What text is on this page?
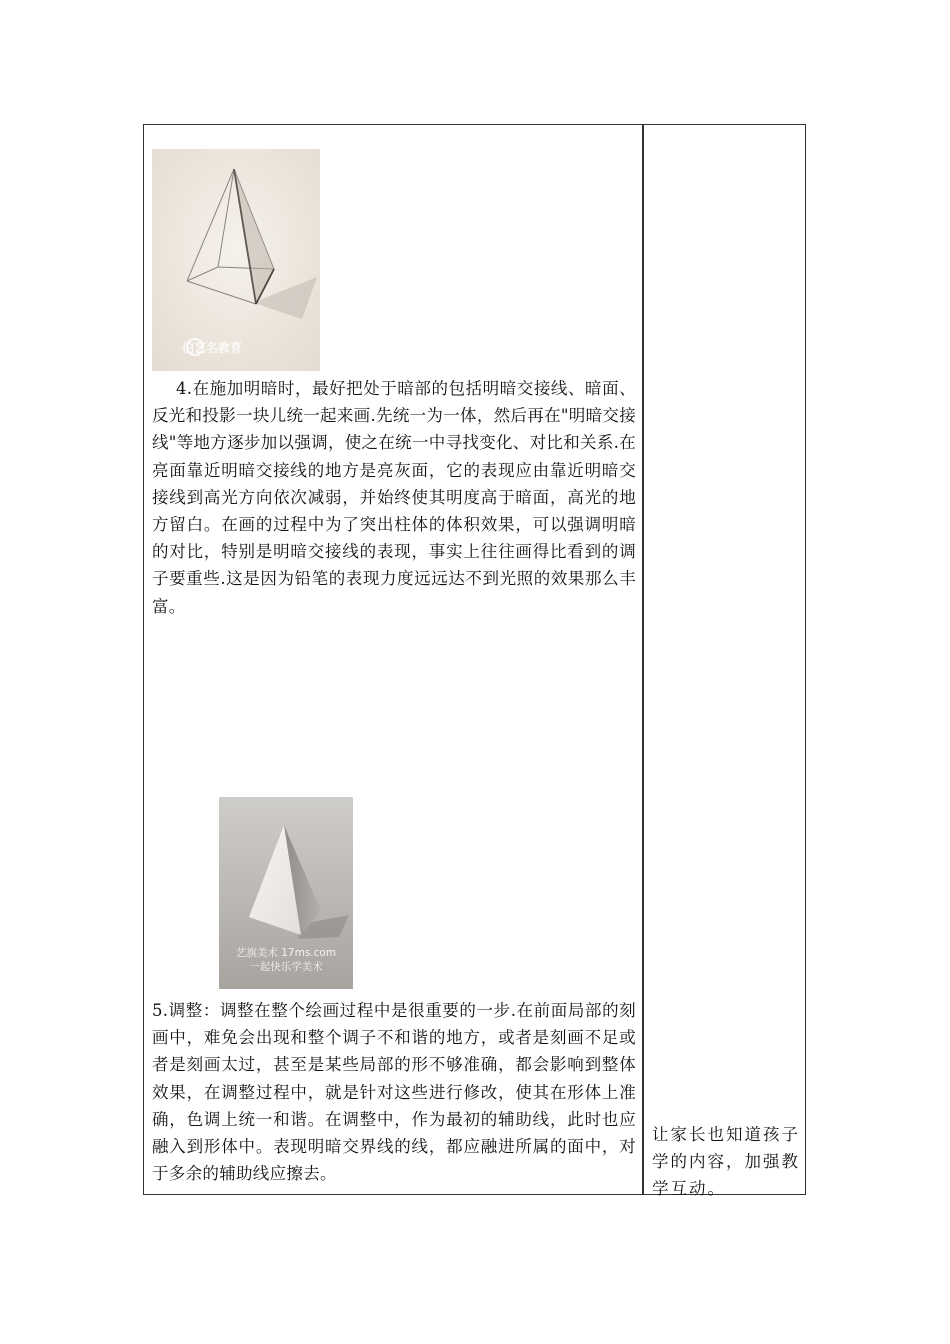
伯艺名教育

4.在施加明暗时，最好把处于暗部的包括明暗交接线、暗面、反光和投影一块儿统一起来画.先统一为一体，然后再在"明暗交接线"等地方逐步加以强调，使之在统一中寻找变化、对比和关系.在亮面靠近明暗交接线的地方是亮灰面，它的表现应由靠近明暗交接线到高光方向依次减弱，并始终使其明度高于暗面，高光的地方留白。在画的过程中为了突出柱体的体积效果，可以强调明暗的对比，特别是明暗交接线的表现，事实上往往画得比看到的调子要重些.这是因为铅笔的表现力度远远达不到光照的效果那么丰富。

艺旗美术 17ms.com
一起快乐学美术

5.调整：调整在整个绘画过程中是很重要的一步.在前面局部的刻画中，难免会出现和整个调子不和谐的地方，或者是刻画不足或者是刻画太过，甚至是某些局部的形不够准确，都会影响到整体效果，在调整过程中，就是针对这些进行修改，使其在形体上准确，色调上统一和谐。在调整中，作为最初的辅助线，此时也应融入到形体中。表现明暗交界线的线，都应融进所属的面中，对于多余的辅助线应擦去。

让家长也知道孩子学的内容，加强教学互动。
